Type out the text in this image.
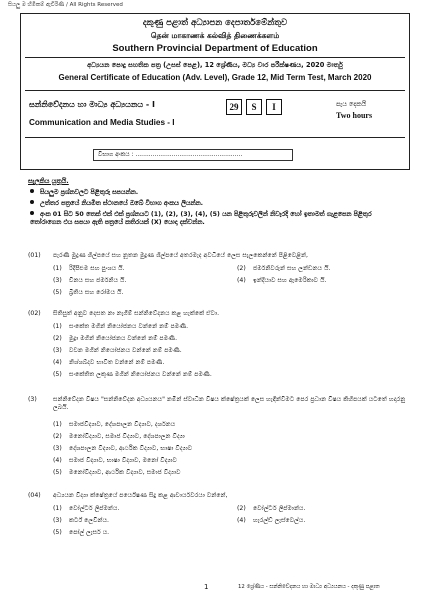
සියලු ම හිමිකම් ඇවිරිණි / All Rights Reserved
දකුණු පළාත් අධ්‍යාපන දෙපාර්තමේන්තුව
தென் மாகாணக் கல்வித் திணைக்களம்
Southern Provincial Department of Education
අධ්‍යයන පොදු සහතික පත්‍ර (උසස් පෙළ), 12 ශ්‍රේණිය, මධ්‍ය වාර පරීක්ෂණය, 2020 මාර්තු
General Certificate of Education (Adv. Level), Grade 12, Mid Term Test, March 2020
සන්නිවේදනය හා මාධ්‍ය අධ්‍යයනය - I
Communication and Media Studies - I
29	S	I	පැය දෙකයි
Two hours
විභාග අංකය : ........................................................
සැලකිය යුතුයි.
සියලුම ප්‍රශ්නවලට පිළිතුරු සපයන්න.
උත්තර පත්‍රයේ නියමිත ස්ථානයේ ඔබේ විභාග අංකය ලියන්න.
අංක 01 සිට 50 තෙක් එක් එක් ප්‍රශ්නයට (1), (2), (3), (4), (5) යන පිළිතුරුවලින් නිවැරදි හෝ ඉතාමත් ගැළපෙන පිළිතුර තෝරාගෙන එය සපයා ඇති පත්‍රයේ කතිරයක් (X) යොදා දක්වන්න.
(01)	පැරණි මුද්‍රණ ශිල්පයේ සහ නූතන මුද්‍රණ ශිල්පයේ අතරමැද අවධියේ ලෙස සැලකෙන්නේ පිළිවෙළින්,
(1) රිදීපිළුම සහ පුංශය යි.	(2) ජර්මනිවරුන් සහ ලන්ඩනය යි.
(3) චීනය සහ ජර්මනිය යි.	(4) ඉන්දියාව සහ ඇමෙරිකාව යි.
(5) බ්‍රිතිය සහ රෝමය යි.
(02)	සිතිසුත් අනුව දෙසත නා නැගීම් සන්නිවේදනය කළ හැක්කේ ඒවා.
(1) සංකේත මගින් නියෝජනය වන්නේ නම් පමණි.
(2) මුද්‍රා මගින් නියෝජනය වන්නේ නම් පමණි.
(3) වචන මගින් නියෝජනය වන්නේ නම් පමණි.
(4) නිශ්ශබ්දව භාවිත වන්නේ නම් පමණි.
(5) සංකේතිත ලකුණ මගින් නියෝජනය වන්නේ නම් පමණි.
(3)	සන්නිවේදන විෂය "සන්නිවේදන අධ්‍යයනය" නමින් ස්වාධීන විෂය ක්ෂේත්‍රයක් ලෙස හැඳින්වීමට පෙර ප්‍රධාන විෂය කිහිපයක් යටතේ හදාරනු ලබයි.
(1) සමාජවිද්‍යාව, දේශපාලන විද්‍යාව, දර්ශනය
(2) මනෝවිද්‍යාව, සමාජ විද්‍යාව, දේශපාලන විද්‍යා
(3) දේශපාලන විද්‍යාව, ආර්ථික විද්‍යාව, භාෂා විද්‍යාව
(4) සමාජ විද්‍යාව, භාෂා විද්‍යාව, මනෝ විද්‍යාව
(5) මනෝවිද්‍යාව, ආර්ථික විද්‍යාව, සමාජ විද්‍යාව
(04)	අධ්‍යයන විද්‍යා ක්ෂේත්‍රයේ පර්යේෂණ සිදු කළ ආචාර්යවරයා වන්නේ,
(1) වෝල්ටර් ලිප්මන්ය.	(2) වෝල්ටර් ලිප්මාන්ය.
(3) කර්ට් ලෙවින්ය.	(4) හැරල්ඩ් ලැස්වෙල්ය.
(5) පෝල් ලැසර් ය.
1	12 ශ්‍රේණිය - සන්නිවේදනය හා මාධ්‍ය අධ්‍යයනය - දකුණු පළාත
